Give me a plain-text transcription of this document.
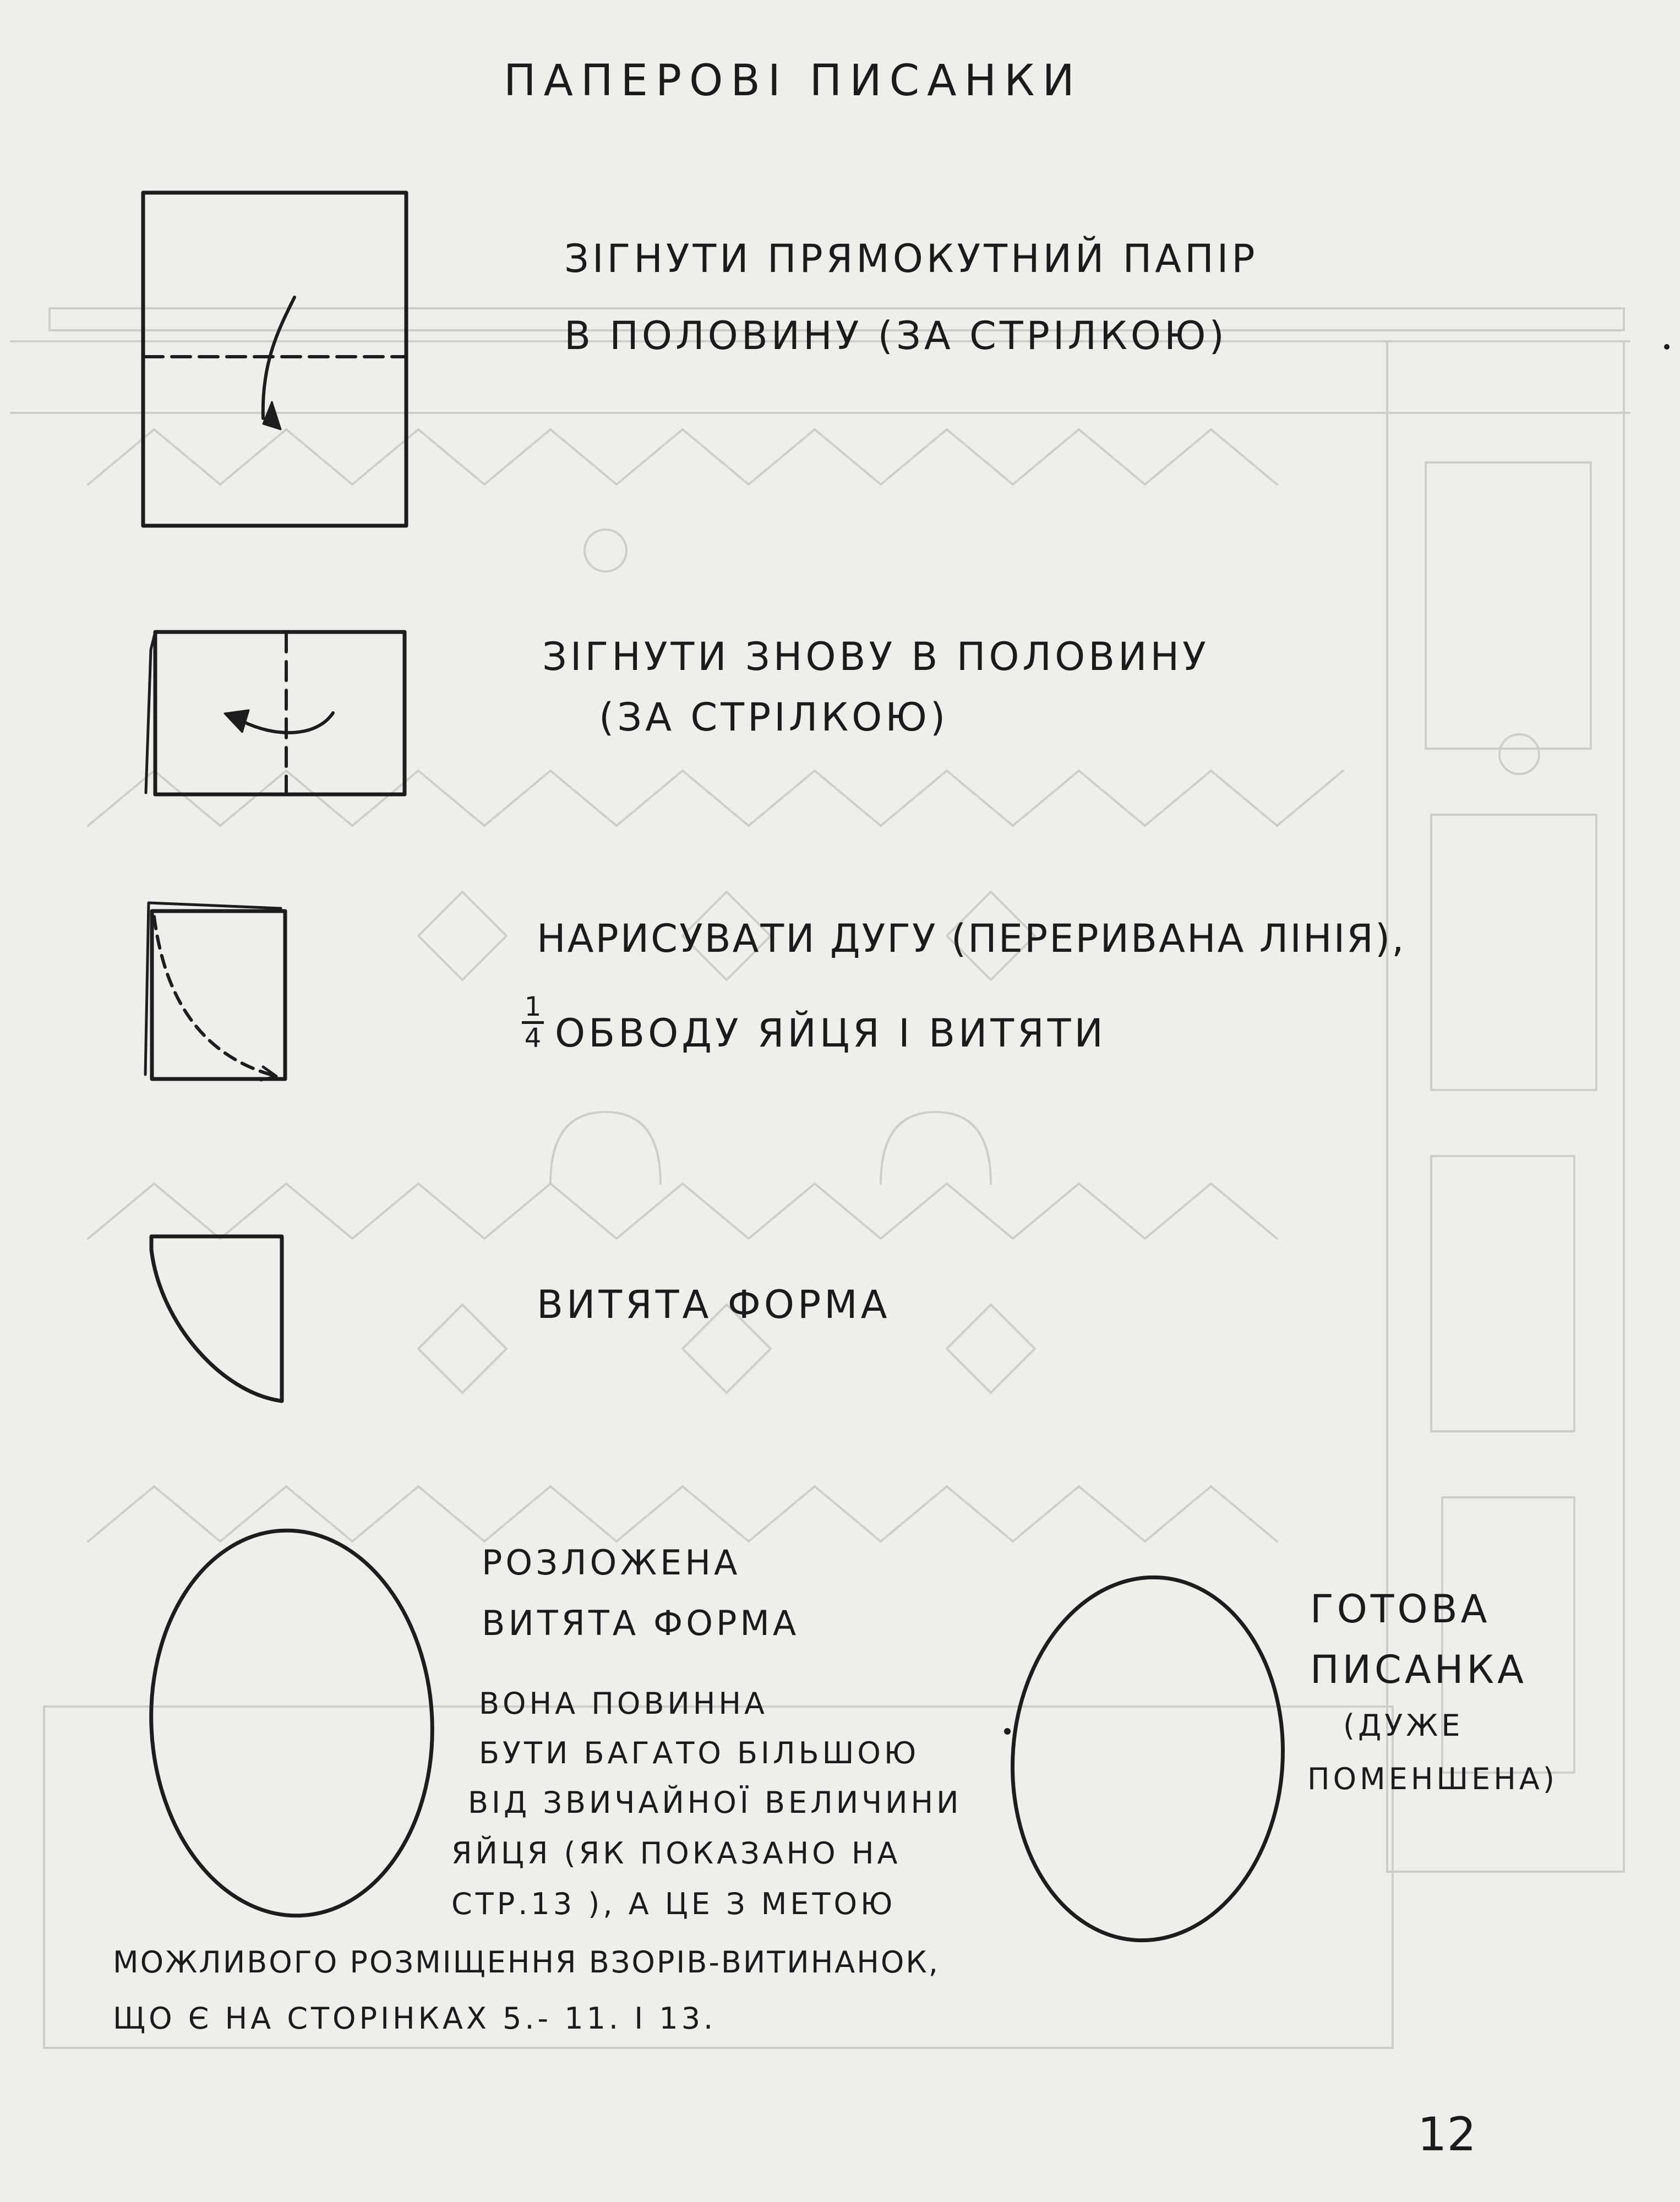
ПАПЕРОВІ ПИСАНКИ
ЗІГНУТИ ПРЯМОКУТНИЙ ПАПІР
В ПОЛОВИНУ (ЗА СТРІЛКОЮ)
ЗІГНУТИ ЗНОВУ В ПОЛОВИНУ
(ЗА СТРІЛКОЮ)
НАРИСУВАТИ ДУГУ (ПЕРЕРИВАНА ЛІНІЯ),
$\frac{1}{4}$ ОБВОДУ ЯЙЦЯ І ВИТЯТИ
ВИТЯТА ФОРМА
РОЗЛОЖЕНА
ВИТЯТА ФОРМА
ВОНА ПОВИННА
БУТИ БАГАТО БІЛЬШОЮ
ВІД ЗВИЧАЙНОЇ ВЕЛИЧИНИ
ЯЙЦЯ (ЯК ПОКАЗАНО НА
СТР.13 ), А ЦЕ З МЕТОЮ
МОЖЛИВОГО РОЗМІЩЕННЯ ВЗОРІВ-ВИТИНАНОК,
ЩО Є НА СТОРІНКАХ 5.- 11. І 13.
ГОТОВА
ПИСАНКА
(ДУЖЕ
ПОМЕНШЕНА)
12
